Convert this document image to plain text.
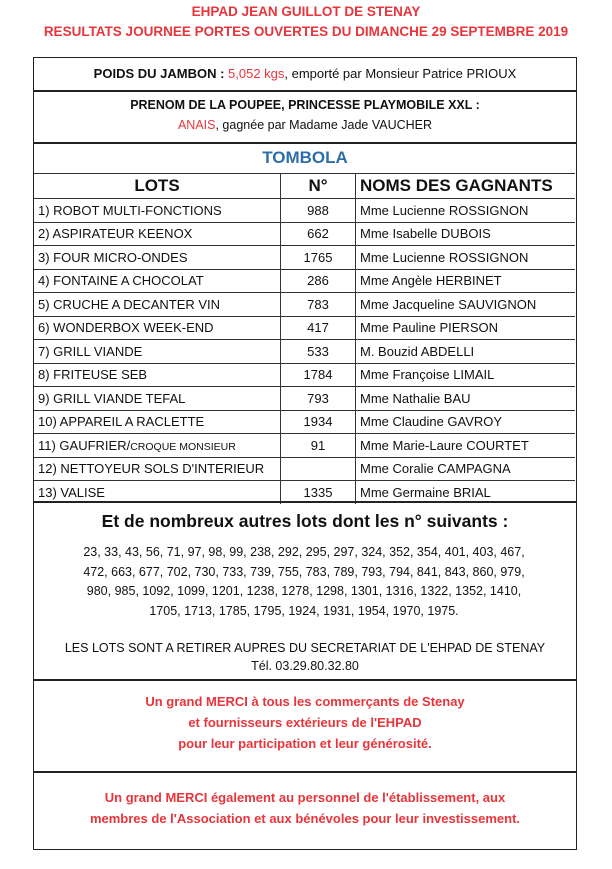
EHPAD JEAN GUILLOT DE STENAY
RESULTATS JOURNEE PORTES OUVERTES DU DIMANCHE 29 SEPTEMBRE 2019
POIDS DU JAMBON : 5,052 kgs, emporté par Monsieur Patrice PRIOUX
PRENOM DE LA POUPEE, PRINCESSE PLAYMOBILE XXL :
ANAIS, gagnée par Madame Jade VAUCHER
TOMBOLA
LOTS	N°	NOMS DES GAGNANTS
1) ROBOT MULTI-FONCTIONS	988	Mme Lucienne ROSSIGNON
2) ASPIRATEUR KEENOX	662	Mme Isabelle DUBOIS
3) FOUR MICRO-ONDES	1765	Mme Lucienne ROSSIGNON
4) FONTAINE A CHOCOLAT	286	Mme Angèle HERBINET
5) CRUCHE A DECANTER VIN	783	Mme Jacqueline SAUVIGNON
6) WONDERBOX WEEK-END	417	Mme Pauline PIERSON
7) GRILL VIANDE	533	M. Bouzid ABDELLI
8) FRITEUSE SEB	1784	Mme Françoise LIMAIL
9) GRILL VIANDE TEFAL	793	Mme Nathalie BAU
10) APPAREIL A RACLETTE	1934	Mme Claudine GAVROY
11) GAUFRIER/CROQUE MONSIEUR	91	Mme Marie-Laure COURTET
12) NETTOYEUR SOLS D'INTERIEUR		Mme Coralie CAMPAGNA
13) VALISE	1335	Mme Germaine BRIAL
Et de nombreux autres lots dont les n° suivants :
23, 33, 43, 56, 71, 97, 98, 99, 238, 292, 295, 297, 324, 352, 354, 401, 403, 467,
472, 663, 677, 702, 730, 733, 739, 755, 783, 789, 793, 794, 841, 843, 860, 979,
980, 985, 1092, 1099, 1201, 1238, 1278, 1298, 1301, 1316, 1322, 1352, 1410,
1705, 1713, 1785, 1795, 1924, 1931, 1954, 1970, 1975.
LES LOTS SONT A RETIRER AUPRES DU SECRETARIAT DE L'EHPAD DE STENAY
Tél. 03.29.80.32.80
Un grand MERCI à tous les commerçants de Stenay
et fournisseurs extérieurs de l'EHPAD
pour leur participation et leur générosité.
Un grand MERCI également au personnel de l'établissement, aux
membres de l'Association et aux bénévoles pour leur investissement.
